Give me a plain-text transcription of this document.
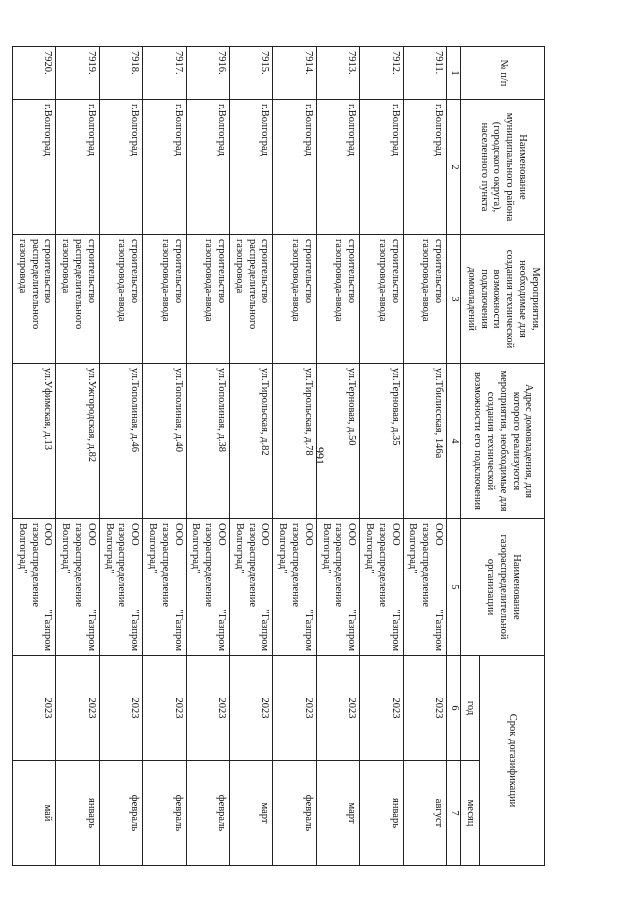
991
№ п/п	Наименование муниципального района (городского округа), населенного пункта	Мероприятия, необходимые для создания технической возможности подключения домовладений	Адрес домовладения, для которого реализуются мероприятия, необходимые для создания технической возможности его подключения	Наименование газораспределительной организации	Срок догазификации	
					год	месяц
1	2	3	4	5	6	7
7911.	г.Волгоград	строительство газопровода-ввода	ул.Тбилисская, 146а	ООО "Газпром газораспределение Волгоград"	2023	август
7912.	г.Волгоград	строительство газопровода-ввода	ул.Терновая, д.35	ООО "Газпром газораспределение Волгоград"	2023	январь
7913.	г.Волгоград	строительство газопровода-ввода	ул.Терновая, д.50	ООО "Газпром газораспределение Волгоград"	2023	март
7914.	г.Волгоград	строительство газопровода-ввода	ул.Тирольская, д.78	ООО "Газпром газораспределение Волгоград"	2023	февраль
7915.	г.Волгоград	строительство распределительного газопровода	ул.Тирольская, д.82	ООО "Газпром газораспределение Волгоград"	2023	март
7916.	г.Волгоград	строительство газопровода-ввода	ул.Тополиная, д.38	ООО "Газпром газораспределение Волгоград"	2023	февраль
7917.	г.Волгоград	строительство газопровода-ввода	ул.Тополиная, д.40	ООО "Газпром газораспределение Волгоград"	2023	февраль
7918.	г.Волгоград	строительство газопровода-ввода	ул.Тополиная, д.46	ООО "Газпром газораспределение Волгоград"	2023	февраль
7919.	г.Волгоград	строительство распределительного газопровода	ул.Ужгородская, д.82	ООО "Газпром газораспределение Волгоград"	2023	январь
7920.	г.Волгоград	строительство распределительного газопровода	ул.Уфимская, д.13	ООО "Газпром газораспределение Волгоград"	2023	май
